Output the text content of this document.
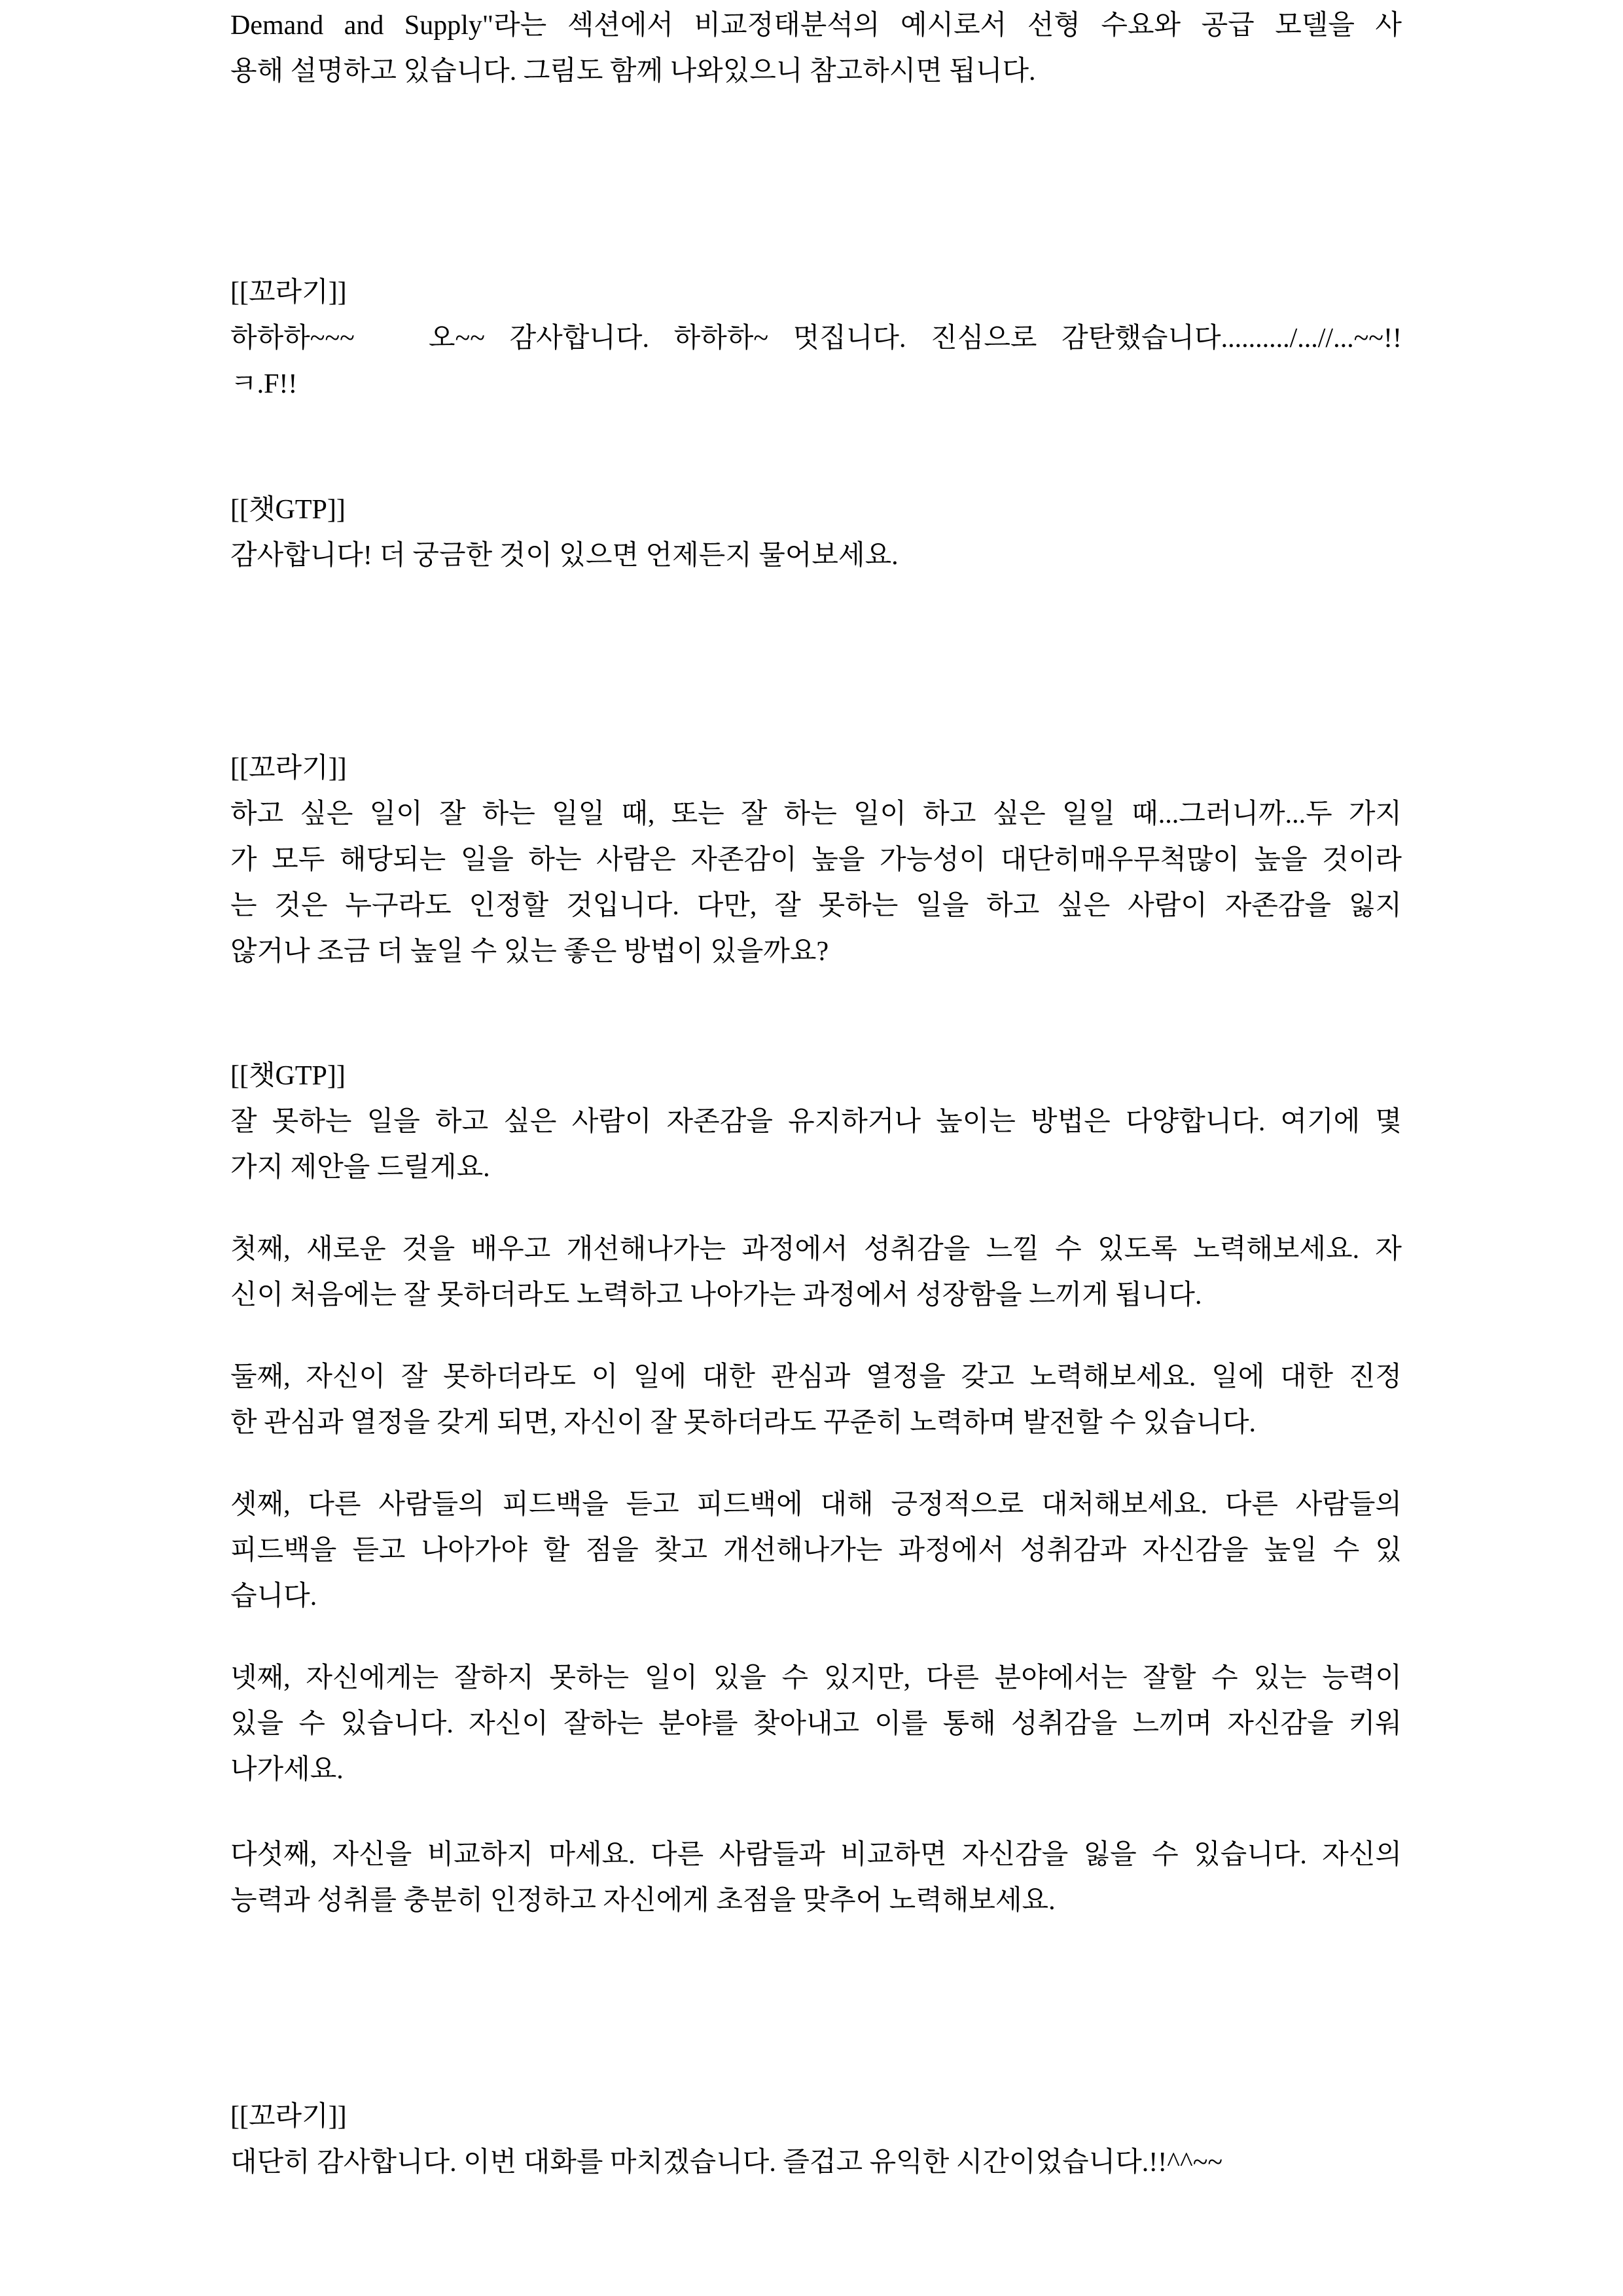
Demand and Supply"라는 섹션에서 비교정태분석의 예시로서 선형 수요와 공급 모델을 사
용해 설명하고 있습니다. 그림도 함께 나와있으니 참고하시면 됩니다.
[[꼬라기]]
하하하~~~   오~~ 감사합니다. 하하하~ 멋집니다. 진심으로 감탄했습니다........../...//...~~!!
ㅋ.F!!
[[챗GTP]]
감사합니다! 더 궁금한 것이 있으면 언제든지 물어보세요.
[[꼬라기]]
하고 싶은 일이 잘 하는 일일 때, 또는 잘 하는 일이 하고 싶은 일일 때...그러니까...두 가지
가 모두 해당되는 일을 하는 사람은 자존감이 높을 가능성이 대단히매우무척많이 높을 것이라
는 것은 누구라도 인정할 것입니다. 다만, 잘 못하는 일을 하고 싶은 사람이 자존감을 잃지
않거나 조금 더 높일 수 있는 좋은 방법이 있을까요?
[[챗GTP]]
잘 못하는 일을 하고 싶은 사람이 자존감을 유지하거나 높이는 방법은 다양합니다. 여기에 몇
가지 제안을 드릴게요.
첫째, 새로운 것을 배우고 개선해나가는 과정에서 성취감을 느낄 수 있도록 노력해보세요. 자
신이 처음에는 잘 못하더라도 노력하고 나아가는 과정에서 성장함을 느끼게 됩니다.
둘째, 자신이 잘 못하더라도 이 일에 대한 관심과 열정을 갖고 노력해보세요. 일에 대한 진정
한 관심과 열정을 갖게 되면, 자신이 잘 못하더라도 꾸준히 노력하며 발전할 수 있습니다.
셋째, 다른 사람들의 피드백을 듣고 피드백에 대해 긍정적으로 대처해보세요. 다른 사람들의
피드백을 듣고 나아가야 할 점을 찾고 개선해나가는 과정에서 성취감과 자신감을 높일 수 있
습니다.
넷째, 자신에게는 잘하지 못하는 일이 있을 수 있지만, 다른 분야에서는 잘할 수 있는 능력이
있을 수 있습니다. 자신이 잘하는 분야를 찾아내고 이를 통해 성취감을 느끼며 자신감을 키워
나가세요.
다섯째, 자신을 비교하지 마세요. 다른 사람들과 비교하면 자신감을 잃을 수 있습니다. 자신의
능력과 성취를 충분히 인정하고 자신에게 초점을 맞추어 노력해보세요.
[[꼬라기]]
대단히 감사합니다. 이번 대화를 마치겠습니다. 즐겁고 유익한 시간이었습니다.!!^^~~
